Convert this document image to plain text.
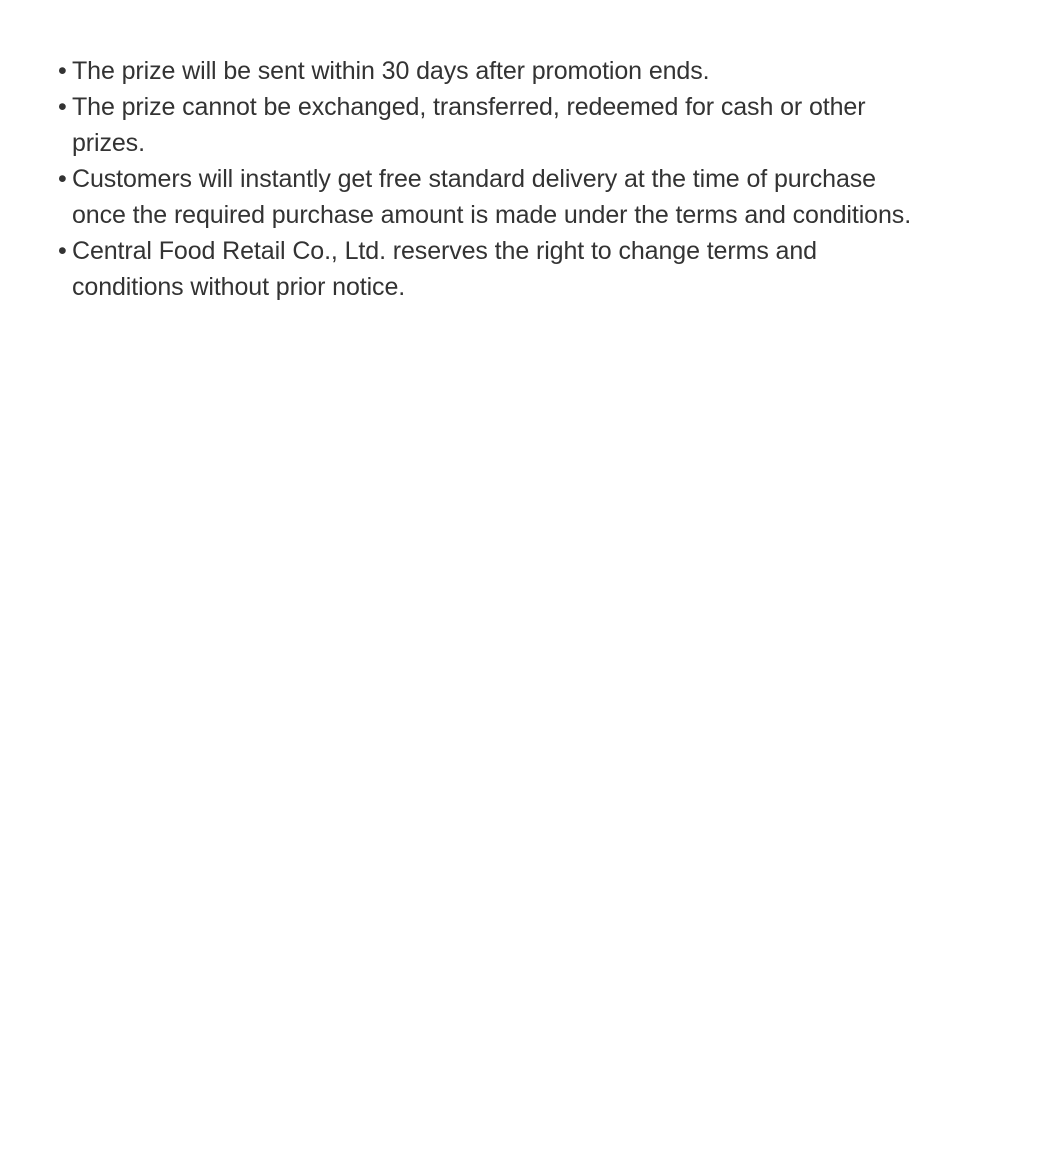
• The prize will be sent within 30 days after promotion ends.
• The prize cannot be exchanged, transferred, redeemed for cash or other
prizes.
• Customers will instantly get free standard delivery at the time of purchase
once the required purchase amount is made under the terms and conditions.
• Central Food Retail Co., Ltd. reserves the right to change terms and
conditions without prior notice.
